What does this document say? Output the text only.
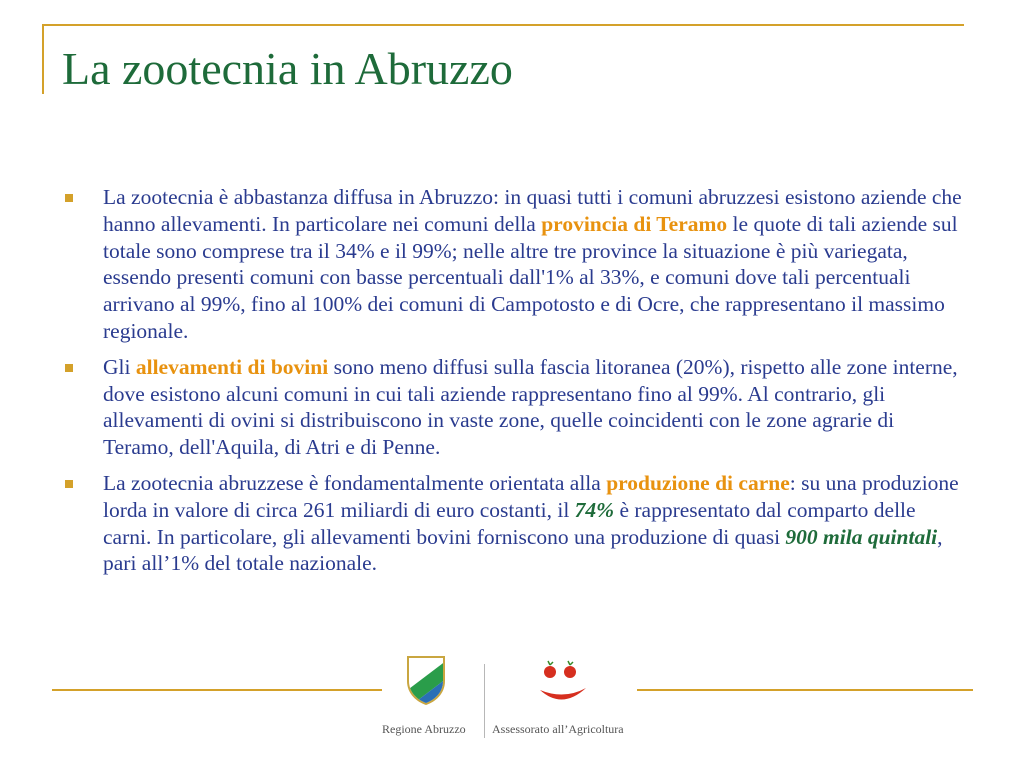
La zootecnia in Abruzzo
La zootecnia è abbastanza diffusa in Abruzzo: in quasi tutti i comuni abruzzesi esistono aziende che hanno allevamenti. In particolare nei comuni della provincia di Teramo le quote di tali aziende sul totale sono comprese tra il 34% e il 99%; nelle altre tre province la situazione è più variegata, essendo presenti comuni con basse percentuali dall'1% al 33%, e comuni dove tali percentuali arrivano al 99%, fino al 100% dei comuni di Campotosto e di Ocre, che rappresentano il massimo regionale.
Gli allevamenti di bovini sono meno diffusi sulla fascia litoranea (20%), rispetto alle zone interne, dove esistono alcuni comuni in cui tali aziende rappresentano fino al 99%. Al contrario, gli allevamenti di ovini si distribuiscono in vaste zone, quelle coincidenti con le zone agrarie di Teramo, dell'Aquila, di Atri e di Penne.
La zootecnia abruzzese è fondamentalmente orientata alla produzione di carne: su una produzione lorda in valore di circa 261 miliardi di euro costanti, il 74% è rappresentato dal comparto delle carni. In particolare, gli allevamenti bovini forniscono una produzione di quasi 900 mila quintali, pari all’1% del totale nazionale.
Regione Abruzzo Assessorato all’Agricoltura
